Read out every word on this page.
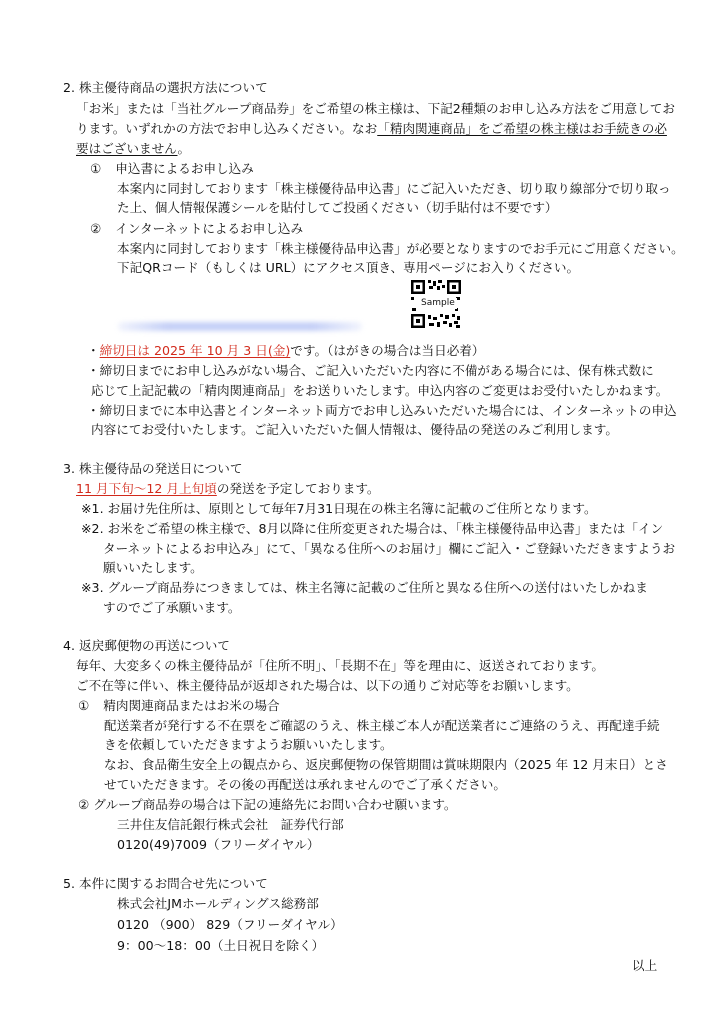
2. 株主優待商品の選択方法について
「お米」または「当社グループ商品券」をご希望の株主様は、下記2種類のお申し込み方法をご用意してお
ります。いずれかの方法でお申し込みください。なお「精肉関連商品」をご希望の株主様はお手続きの必
要はございません。
① 申込書によるお申し込み
本案内に同封しております「株主様優待品申込書」にご記入いただき、切り取り線部分で切り取っ
た上、個人情報保護シールを貼付してご投函ください（切手貼付は不要です）
② インターネットによるお申し込み
本案内に同封しております「株主様優待品申込書」が必要となりますのでお手元にご用意ください。
下記QRコード（もしくは URL）にアクセス頂き、専用ページにお入りください。
Sample
・締切日は 2025 年 10 月 3 日(金)です。（はがきの場合は当日必着）
・締切日までにお申し込みがない場合、ご記入いただいた内容に不備がある場合には、保有株式数に
応じて上記記載の「精肉関連商品」をお送りいたします。申込内容のご変更はお受付いたしかねます。
・締切日までに本申込書とインターネット両方でお申し込みいただいた場合には、インターネットの申込
内容にてお受付いたします。ご記入いただいた個人情報は、優待品の発送のみご利用します。
3. 株主優待品の発送日について
11 月下旬～12 月上旬頃の発送を予定しております。
※1. お届け先住所は、原則として毎年7月31日現在の株主名簿に記載のご住所となります。
※2. お米をご希望の株主様で、8月以降に住所変更された場合は、「株主様優待品申込書」または「イン
ターネットによるお申込み」にて、「異なる住所へのお届け」欄にご記入・ご登録いただきますようお
願いいたします。
※3. グループ商品券につきましては、株主名簿に記載のご住所と異なる住所への送付はいたしかねま
すのでご了承願います。
4. 返戻郵便物の再送について
毎年、大変多くの株主優待品が「住所不明」、「長期不在」等を理由に、返送されております。
ご不在等に伴い、株主優待品が返却された場合は、以下の通りご対応等をお願いします。
① 精肉関連商品またはお米の場合
配送業者が発行する不在票をご確認のうえ、株主様ご本人が配送業者にご連絡のうえ、再配達手続
きを依頼していただきますようお願いいたします。
なお、食品衛生安全上の観点から、返戻郵便物の保管期間は賞味期限内（2025 年 12 月末日）とさ
せていただきます。その後の再配送は承れませんのでご了承ください。
② グループ商品券の場合は下記の連絡先にお問い合わせ願います。
三井住友信託銀行株式会社　証券代行部
0120(49)7009（フリーダイヤル）
5. 本件に関するお問合せ先について
株式会社JMホールディングス総務部
0120 （900） 829（フリーダイヤル）
9：00～18：00（土日祝日を除く）
以上
